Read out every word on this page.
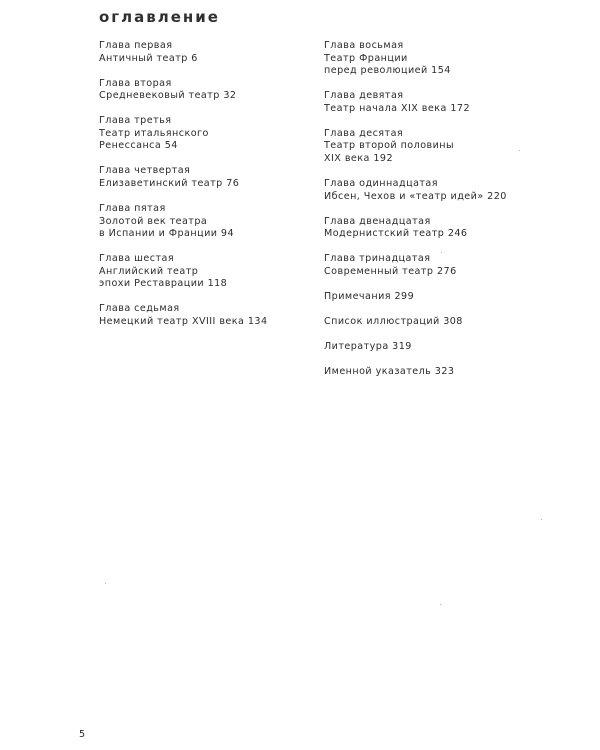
оглавление
Глава первая
Античный театр 6
Глава вторая
Средневековый театр 32
Глава третья
Театр итальянского
Ренессанса 54
Глава четвертая
Елизаветинский театр 76
Глава пятая
Золотой век театра
в Испании и Франции 94
Глава шестая
Английский театр
эпохи Реставрации 118
Глава седьмая
Немецкий театр XVIII века 134
Глава восьмая
Театр Франции
перед революцией 154
Глава девятая
Театр начала XIX века 172
Глава десятая
Театр второй половины
XIX века 192
Глава одиннадцатая
Ибсен, Чехов и «театр идей» 220
Глава двенадцатая
Модернистский театр 246
Глава тринадцатая
Современный театр 276
Примечания 299
Список иллюстраций 308
Литература 319
Именной указатель 323
5
